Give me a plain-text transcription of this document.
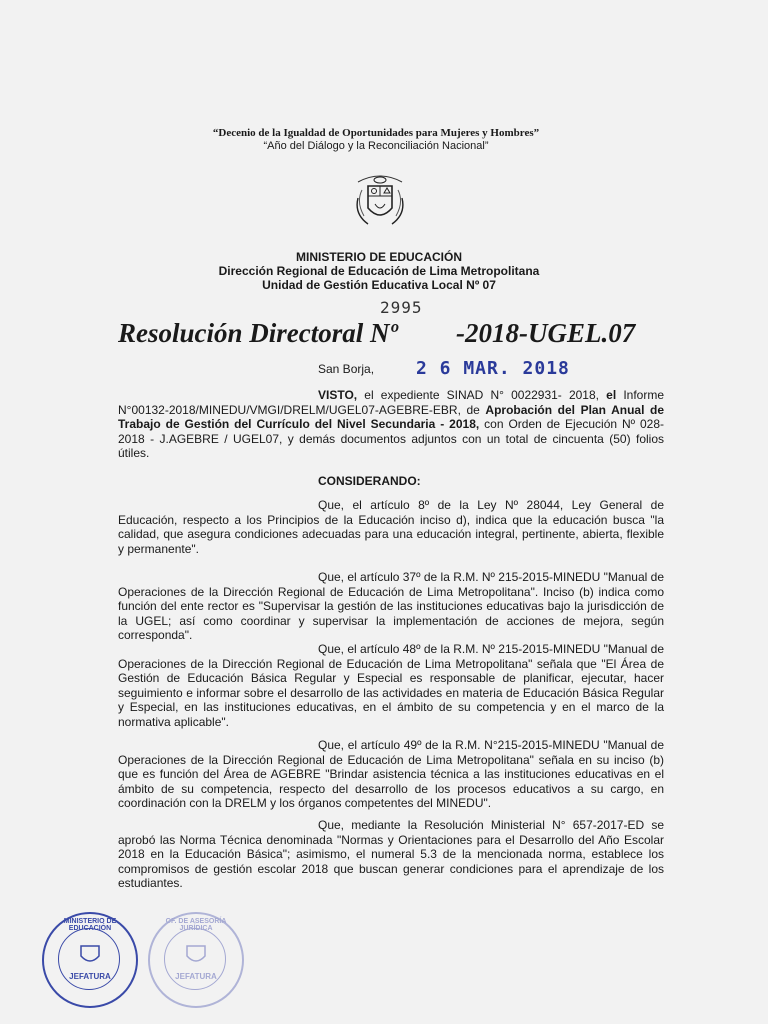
“Decenio de la Igualdad de Oportunidades para Mujeres y Hombres”
“Año del Diálogo y la Reconciliación Nacional”
MINISTERIO DE EDUCACIÓN
Dirección Regional de Educación de Lima Metropolitana
Unidad de Gestión Educativa Local Nº 07
2995
Resolución Directoral Nº -2018-UGEL.07
San Borja, 2 6 MAR. 2018
VISTO, el expediente SINAD N° 0022931- 2018, el Informe N°00132-2018/MINEDU/VMGI/DRELM/UGEL07-AGEBRE-EBR, de Aprobación del Plan Anual de Trabajo de Gestión del Currículo del Nivel Secundaria - 2018, con Orden de Ejecución Nº 028-2018 - J.AGEBRE / UGEL07, y demás documentos adjuntos con un total de cincuenta (50) folios útiles.
CONSIDERANDO:
Que, el artículo 8º de la Ley Nº 28044, Ley General de Educación, respecto a los Principios de la Educación inciso d), indica que la educación busca "la calidad, que asegura condiciones adecuadas para una educación integral, pertinente, abierta, flexible y permanente".
Que, el artículo 37º de la R.M. Nº 215-2015-MINEDU "Manual de Operaciones de la Dirección Regional de Educación de Lima Metropolitana". Inciso (b) indica como función del ente rector es "Supervisar la gestión de las instituciones educativas bajo la jurisdicción de la UGEL; así como coordinar y supervisar la implementación de acciones de mejora, según corresponda".
Que, el artículo 48º de la R.M. Nº 215-2015-MINEDU "Manual de Operaciones de la Dirección Regional de Educación de Lima Metropolitana" señala que "El Área de Gestión de Educación Básica Regular y Especial es responsable de planificar, ejecutar, hacer seguimiento e informar sobre el desarrollo de las actividades en materia de Educación Básica Regular y Especial, en las instituciones educativas, en el ámbito de su competencia y en el marco de la normativa aplicable".
Que, el artículo 49º de la R.M. N°215-2015-MINEDU "Manual de Operaciones de la Dirección Regional de Educación de Lima Metropolitana" señala en su inciso (b) que es función del Área de AGEBRE "Brindar asistencia técnica a las instituciones educativas en el ámbito de su competencia, respecto del desarrollo de los procesos educativos a su cargo, en coordinación con la DRELM y los órganos competentes del MINEDU".
Que, mediante la Resolución Ministerial N° 657-2017-ED se aprobó las Norma Técnica denominada "Normas y Orientaciones para el Desarrollo del Año Escolar 2018 en la Educación Básica"; asimismo, el numeral 5.3 de la mencionada norma, establece los compromisos de gestión escolar 2018 que buscan generar condiciones para el aprendizaje de los estudiantes.
MINISTERIO DE EDUCACIÓN
JEFATURA
OF. DE ASESORÍA JURÍDICA
JEFATURA
